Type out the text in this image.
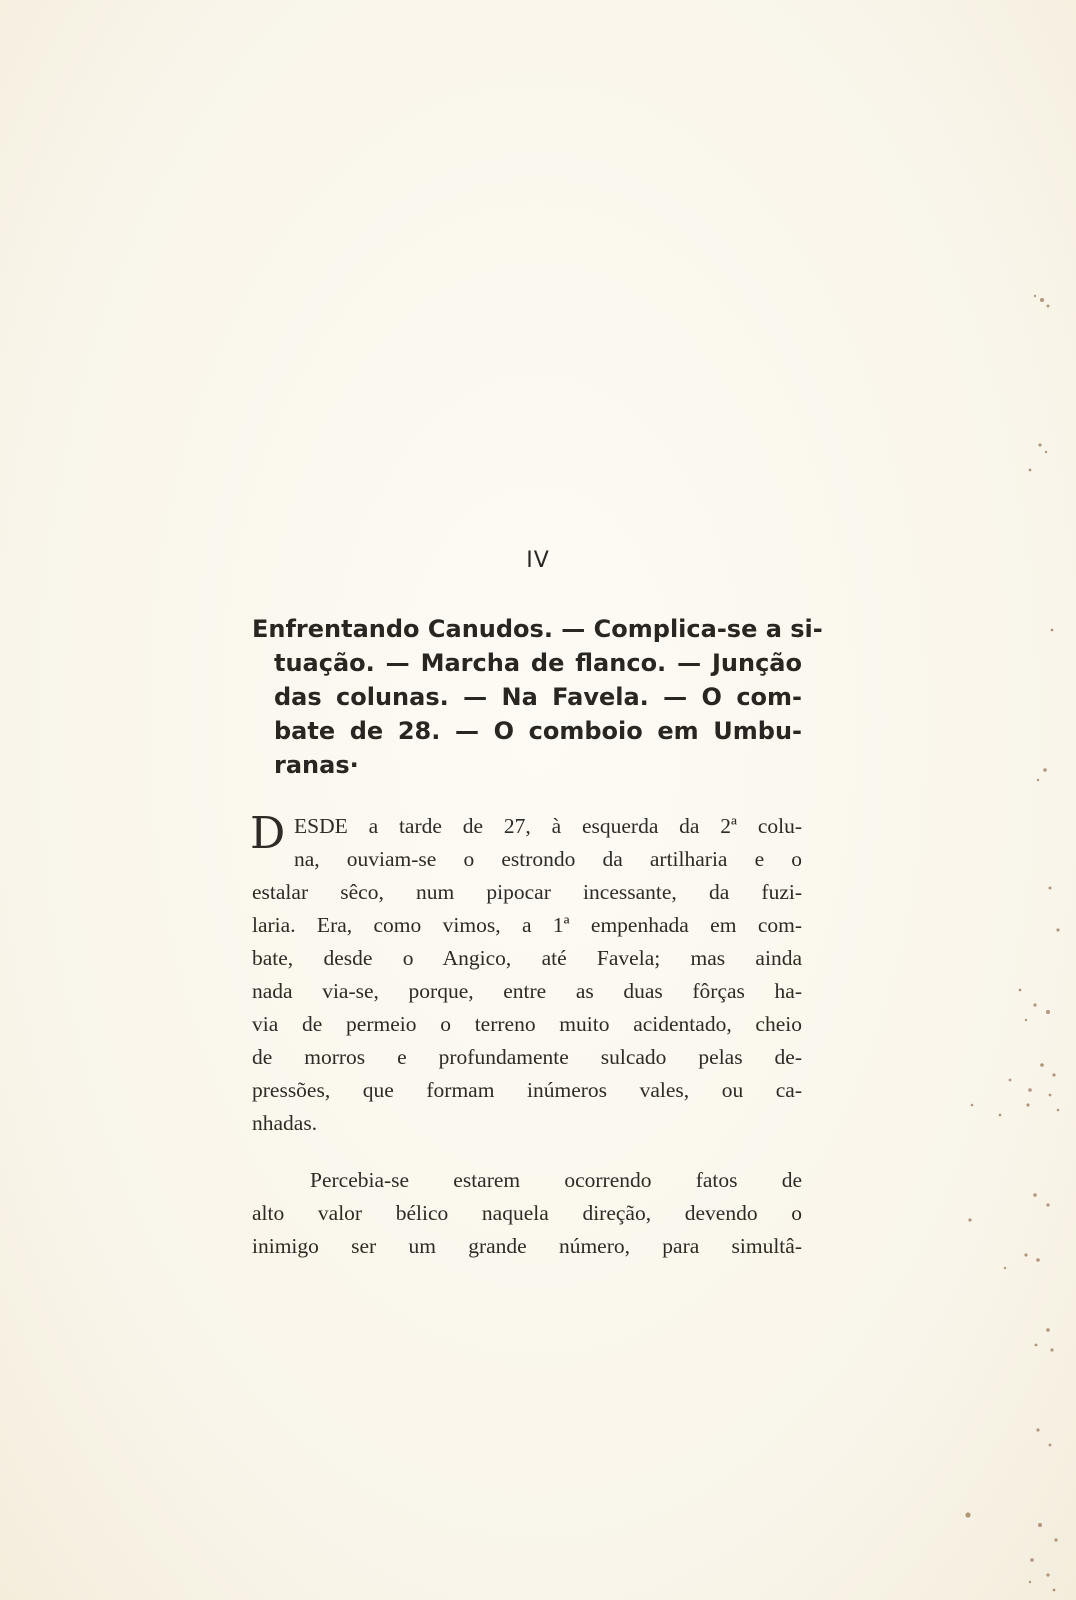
IV
Enfrentando Canudos. — Complica-se a si-
tuação. — Marcha de flanco. — Junção
das colunas. — Na Favela. — O com-
bate de 28. — O comboio em Umbu-
ranas·
D ESDE a tarde de 27, à esquerda da 2ª colu-
na, ouviam-se o estrondo da artilharia e o
estalar sêco, num pipocar incessante, da fuzi-
laria. Era, como vimos, a 1ª empenhada em com-
bate, desde o Angico, até Favela; mas ainda
nada via-se, porque, entre as duas fôrças ha-
via de permeio o terreno muito acidentado, cheio
de morros e profundamente sulcado pelas de-
pressões, que formam inúmeros vales, ou ca-
nhadas.
Percebia-se estarem ocorrendo fatos de
alto valor bélico naquela direção, devendo o
inimigo ser um grande número, para simultâ-
